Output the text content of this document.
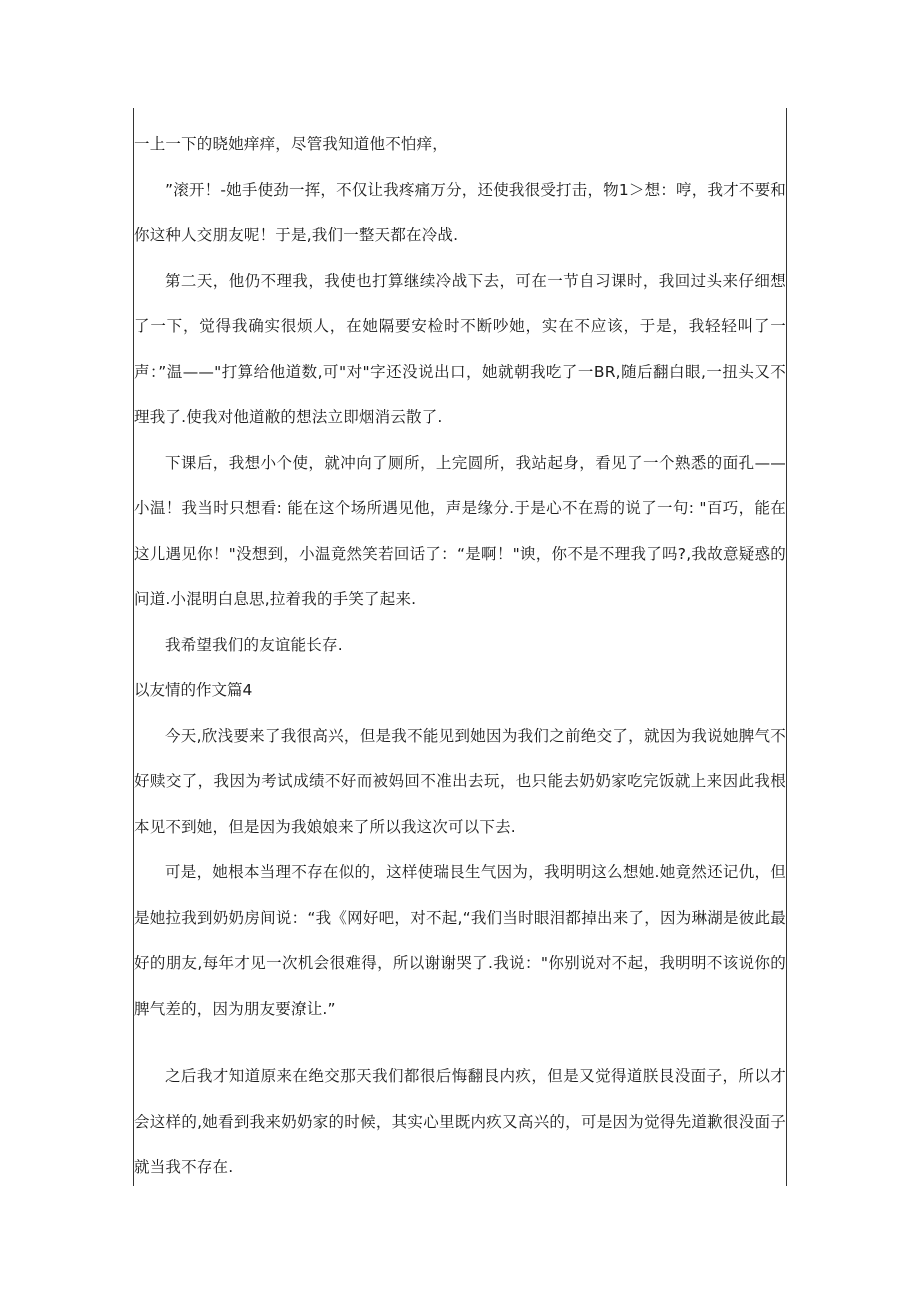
一上一下的晓她痒痒，尽管我知道他不怕痒，

”滚开！-她手使劲一挥，不仅让我疼痛万分，还使我很受打击，物1＞想：哼，我才不要和你这种人交朋友呢！于是,我们一整天都在冷战.

第二天，他仍不理我，我使也打算继续冷战下去，可在一节自习课时，我回过头来仔细想了一下，觉得我确实很烦人，在她隔要安检时不断吵她，实在不应该，于是，我轻轻叫了一声：”温——"打算给他道数,可"对"字还没说出口，她就朝我吃了一BR,随后翻白眼,一扭头又不理我了.使我对他道敝的想法立即烟消云散了.

下课后，我想小个使，就冲向了厕所，上完圆所，我站起身，看见了一个熟悉的面孔——小温！我当时只想看: 能在这个场所遇见他，声是缘分.于是心不在焉的说了一句: "百巧，能在这儿遇见你！"没想到，小温竟然笑若回话了：“是啊！"谀，你不是不理我了吗?,我故意疑惑的问道.小混明白息思,拉着我的手笑了起来.

我希望我们的友谊能长存.

以友情的作文篇4

今天,欣浅要来了我很高兴，但是我不能见到她因为我们之前绝交了，就因为我说她脾气不好赎交了，我因为考试成绩不好而被妈回不准出去玩，也只能去奶奶家吃完饭就上来因此我根本见不到她，但是因为我娘娘来了所以我这次可以下去.

可是，她根本当理不存在似的，这样使瑞艮生气因为，我明明这么想她.她竟然还记仇，但是她拉我到奶奶房间说：“我《网好吧，对不起,“我们当时眼泪都掉出来了，因为琳湖是彼此最好的朋友,每年才见一次机会很难得，所以谢谢哭了.我说："你别说对不起，我明明不该说你的脾气差的，因为朋友要潦让.”

之后我才知道原来在绝交那天我们都很后悔翻艮内疚，但是又觉得道朕艮没面子，所以才会这样的,她看到我来奶奶家的时候，其实心里既内疚又高兴的，可是因为觉得先道歉很没面子就当我不存在.
